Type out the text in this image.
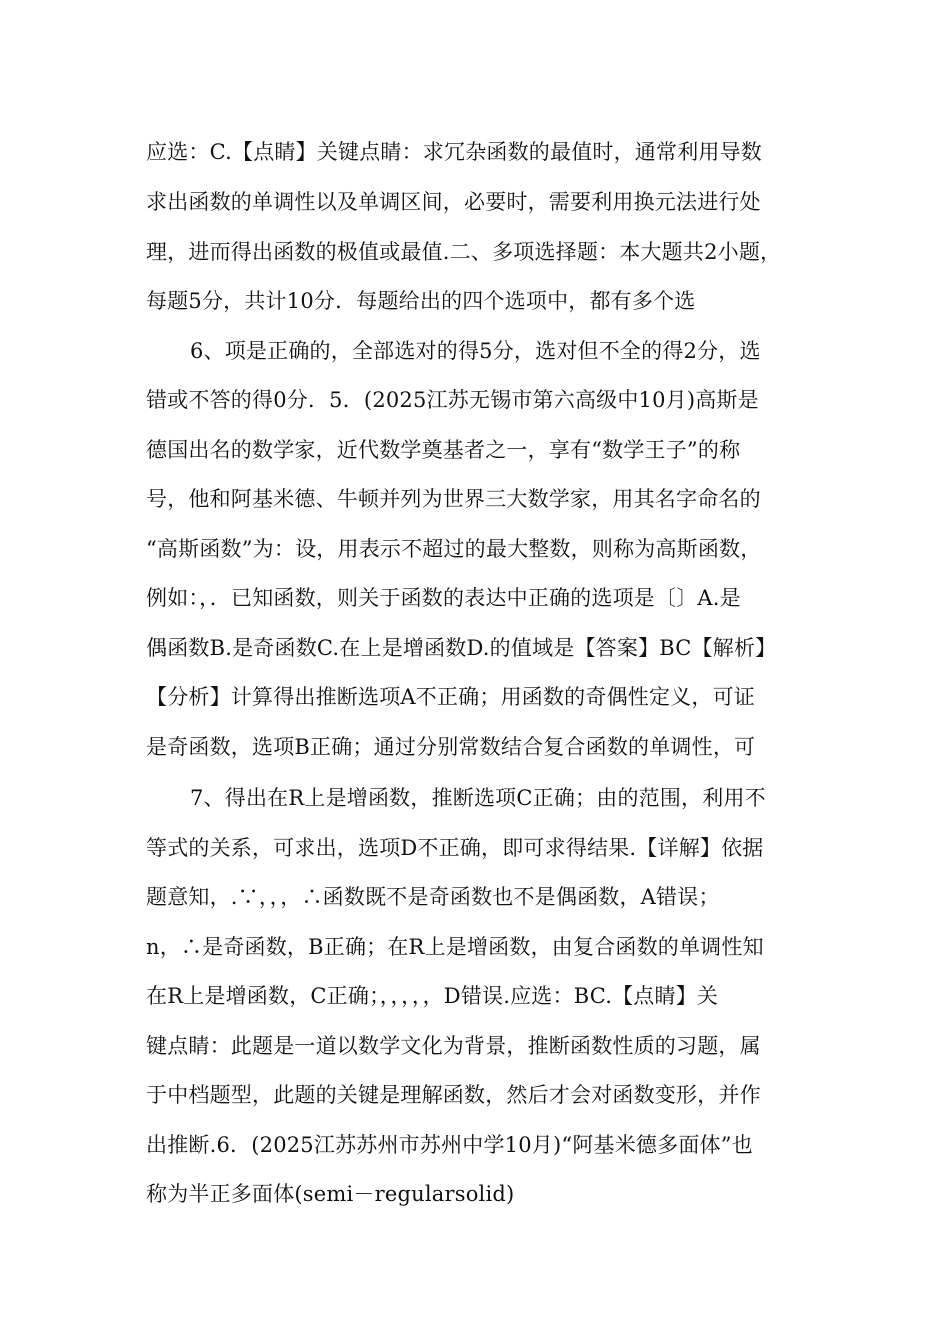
应选：C.【点睛】关键点睛：求冗杂函数的最值时，通常利用导数
求出函数的单调性以及单调区间，必要时，需要利用换元法进行处
理，进而得出函数的极值或最值.二、多项选择题：本大题共2小题，
每题5分，共计10分．每题给出的四个选项中，都有多个选
6、项是正确的，全部选对的得5分，选对但不全的得2分，选
错或不答的得0分．5．(2025江苏无锡市第六高级中10月)高斯是
德国出名的数学家，近代数学奠基者之一，享有“数学王子”的称
号，他和阿基米德、牛顿并列为世界三大数学家，用其名字命名的
“高斯函数”为：设，用表示不超过的最大整数，则称为高斯函数，
例如：，．已知函数，则关于函数的表达中正确的选项是〔〕A.是
偶函数B.是奇函数C.在上是增函数D.的值域是【答案】BC【解析】
【分析】计算得出推断选项A不正确；用函数的奇偶性定义，可证
是奇函数，选项B正确；通过分别常数结合复合函数的单调性，可
7、得出在R上是增函数，推断选项C正确；由的范围，利用不
等式的关系，可求出，选项D不正确，即可求得结果.【详解】依据
题意知，.∵，，，∴函数既不是奇函数也不是偶函数，A错误；
n，∴是奇函数，B正确；在R上是增函数，由复合函数的单调性知
在R上是增函数，C正确；，，，，，D错误.应选：BC.【点睛】关
键点睛：此题是一道以数学文化为背景，推断函数性质的习题，属
于中档题型，此题的关键是理解函数，然后才会对函数变形，并作
出推断.6．(2025江苏苏州市苏州中学10月)“阿基米德多面体”也
称为半正多面体(semi－regularsolid)
